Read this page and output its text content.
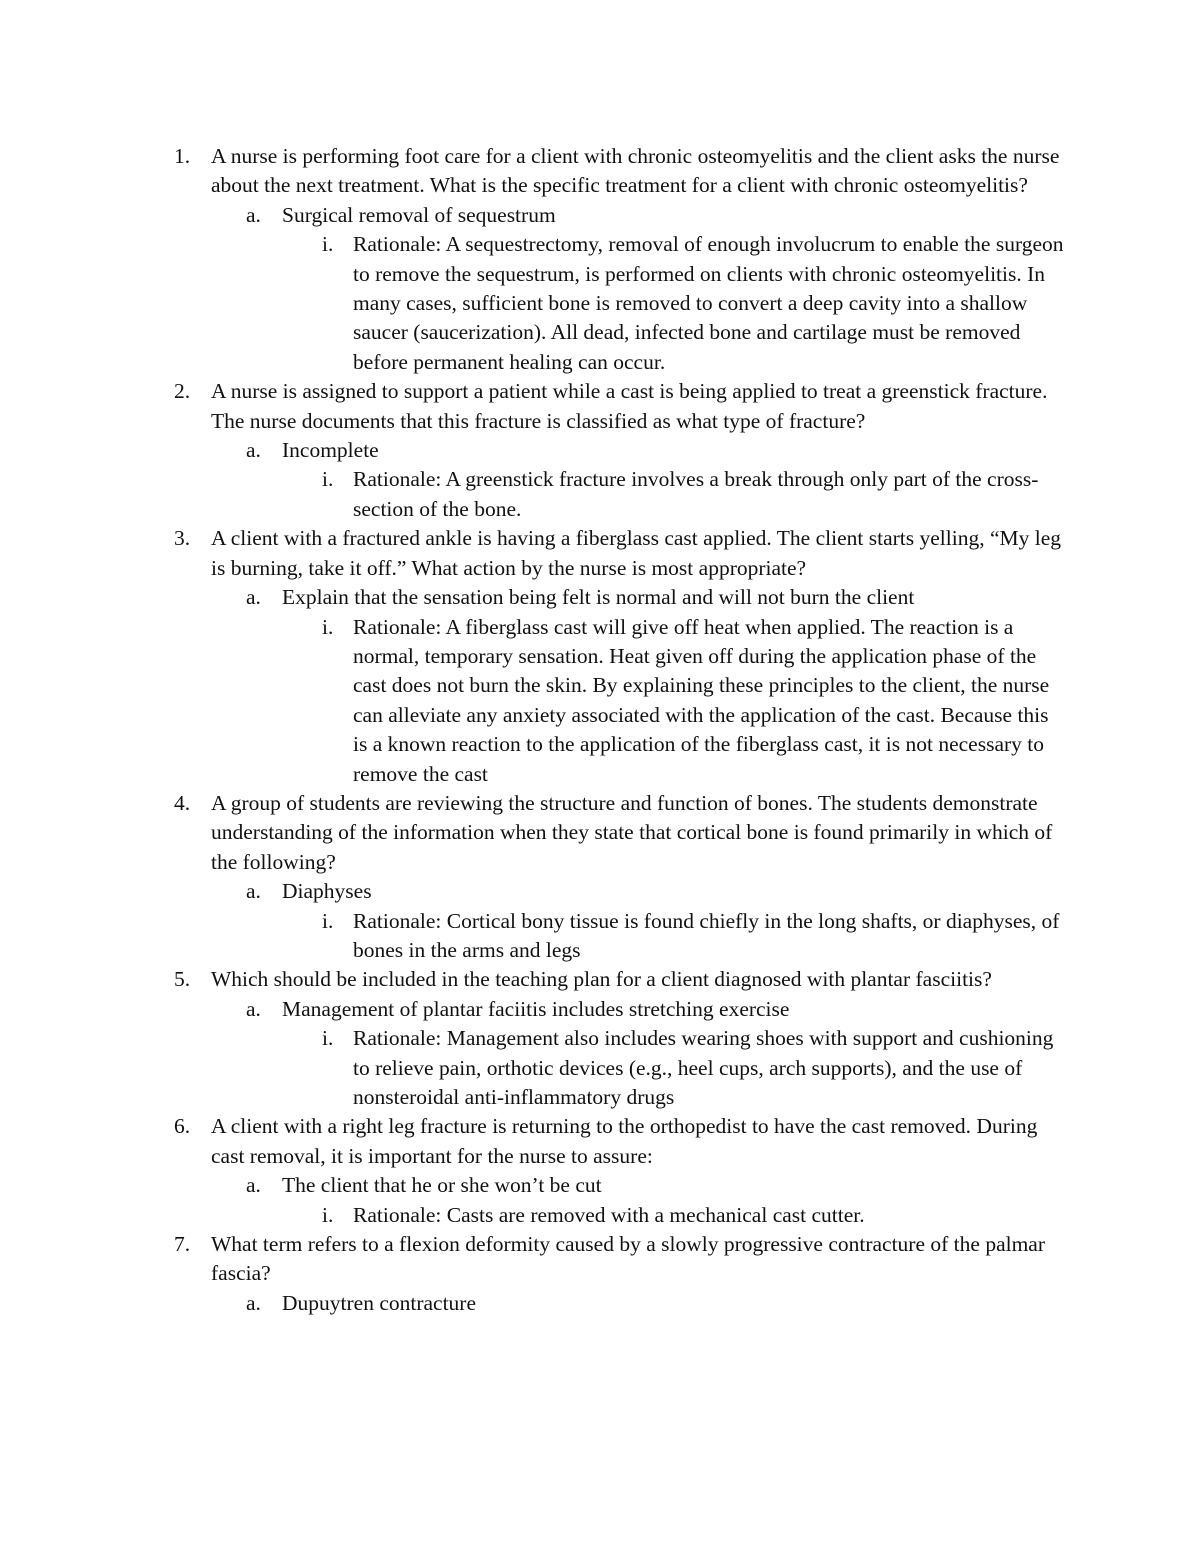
1. A nurse is performing foot care for a client with chronic osteomyelitis and the client asks the nurse about the next treatment. What is the specific treatment for a client with chronic osteomyelitis?
a. Surgical removal of sequestrum
i. Rationale: A sequestrectomy, removal of enough involucrum to enable the surgeon to remove the sequestrum, is performed on clients with chronic osteomyelitis. In many cases, sufficient bone is removed to convert a deep cavity into a shallow saucer (saucerization). All dead, infected bone and cartilage must be removed before permanent healing can occur.
2. A nurse is assigned to support a patient while a cast is being applied to treat a greenstick fracture. The nurse documents that this fracture is classified as what type of fracture?
a. Incomplete
i. Rationale: A greenstick fracture involves a break through only part of the cross-section of the bone.
3. A client with a fractured ankle is having a fiberglass cast applied. The client starts yelling, “My leg is burning, take it off.” What action by the nurse is most appropriate?
a. Explain that the sensation being felt is normal and will not burn the client
i. Rationale: A fiberglass cast will give off heat when applied. The reaction is a normal, temporary sensation. Heat given off during the application phase of the cast does not burn the skin. By explaining these principles to the client, the nurse can alleviate any anxiety associated with the application of the cast. Because this is a known reaction to the application of the fiberglass cast, it is not necessary to remove the cast
4. A group of students are reviewing the structure and function of bones. The students demonstrate understanding of the information when they state that cortical bone is found primarily in which of the following?
a. Diaphyses
i. Rationale: Cortical bony tissue is found chiefly in the long shafts, or diaphyses, of bones in the arms and legs
5. Which should be included in the teaching plan for a client diagnosed with plantar fasciitis?
a. Management of plantar faciitis includes stretching exercise
i. Rationale: Management also includes wearing shoes with support and cushioning to relieve pain, orthotic devices (e.g., heel cups, arch supports), and the use of nonsteroidal anti-inflammatory drugs
6. A client with a right leg fracture is returning to the orthopedist to have the cast removed. During cast removal, it is important for the nurse to assure:
a. The client that he or she won’t be cut
i. Rationale: Casts are removed with a mechanical cast cutter.
7. What term refers to a flexion deformity caused by a slowly progressive contracture of the palmar fascia?
a. Dupuytren contracture
